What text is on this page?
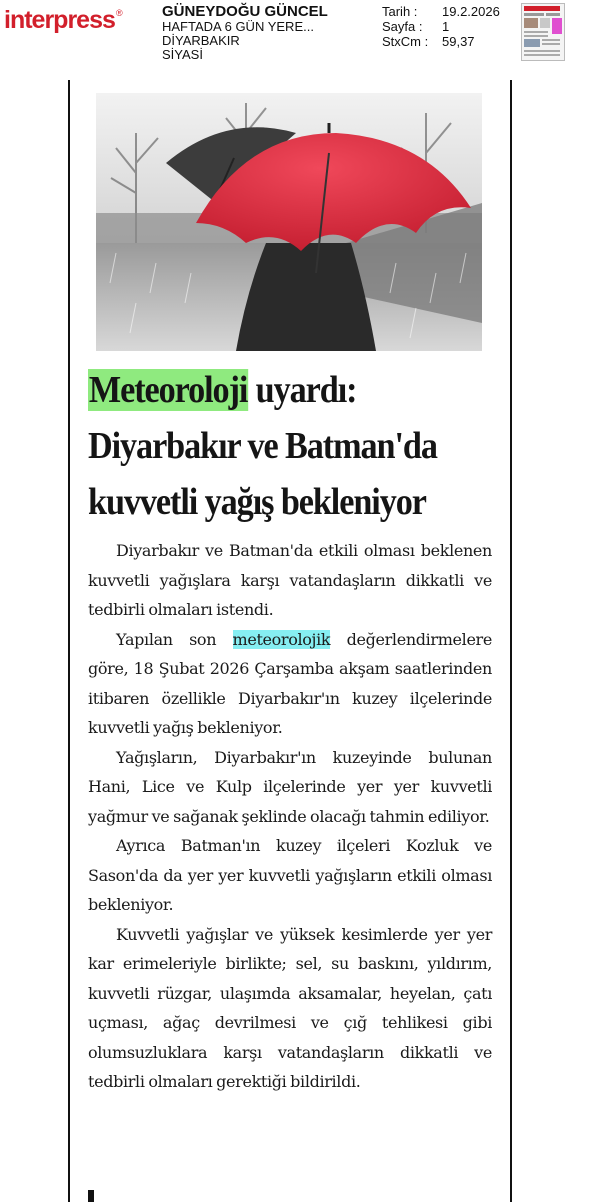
interpress ®	GÜNEYDOĞU GÜNCEL
HAFTADA 6 GÜN YERE...
DİYARBAKIR
SİYASİ
Tarih :	19.2.2026
Sayfa :	1
StxCm :	59,37
Meteoroloji uyardı:
Diyarbakır ve Batman'da
kuvvetli yağış bekleniyor

Diyarbakır ve Batman'da etkili olması beklenen kuvvetli yağışlara karşı vatandaşların dikkatli ve tedbirli olmaları istendi.

Yapılan son meteorolojik değerlendirmelere göre, 18 Şubat 2026 Çarşamba akşam saatlerinden itibaren özellikle Diyarbakır'ın kuzey ilçelerinde kuvvetli yağış bekleniyor.

Yağışların, Diyarbakır'ın kuzeyinde bulunan Hani, Lice ve Kulp ilçelerinde yer yer kuvvetli yağmur ve sağanak şeklinde olacağı tahmin ediliyor.

Ayrıca Batman'ın kuzey ilçeleri Kozluk ve Sason'da da yer yer kuvvetli yağışların etkili olması bekleniyor.

Kuvvetli yağışlar ve yüksek kesimlerde yer yer kar erimeleriyle birlikte; sel, su baskını, yıldırım, kuvvetli rüzgar, ulaşımda aksamalar, heyelan, çatı uçması, ağaç devrilmesi ve çığ tehlikesi gibi olumsuzluklara karşı vatandaşların dikkatli ve tedbirli olmaları gerektiği bildirildi.
